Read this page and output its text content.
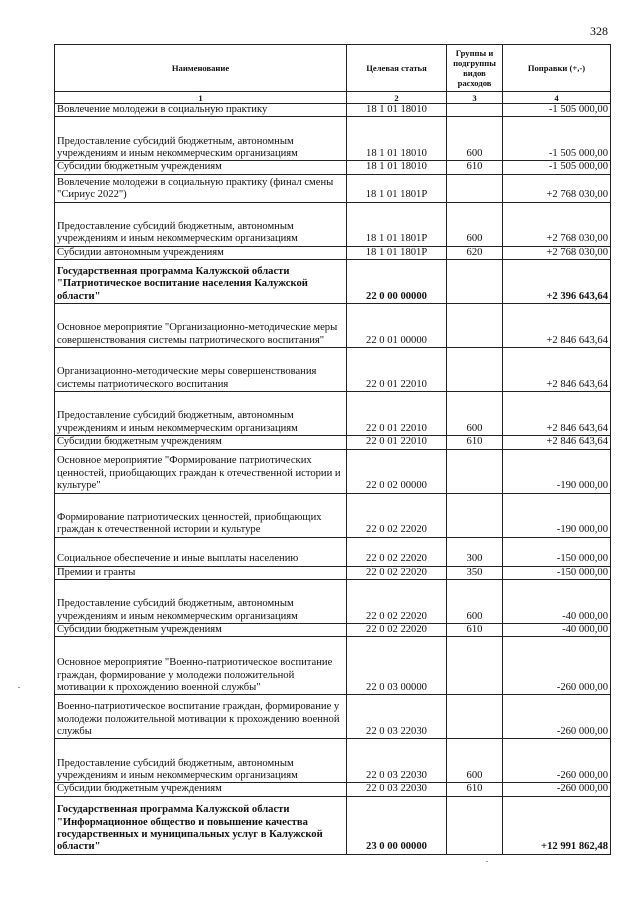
328
Наименование	Целевая статья	Группы и подгруппы видов расходов	Поправки (+,-)
1	2	3	4
Вовлечение молодежи в социальную практику	18 1 01 18010		-1 505 000,00
Предоставление субсидий бюджетным, автономным учреждениям и иным некоммерческим организациям	18 1 01 18010	600	-1 505 000,00
Субсидии бюджетным учреждениям	18 1 01 18010	610	-1 505 000,00
Вовлечение молодежи в социальную практику (финал смены "Сириус 2022")	18 1 01 1801Р		+2 768 030,00
Предоставление субсидий бюджетным, автономным учреждениям и иным некоммерческим организациям	18 1 01 1801Р	600	+2 768 030,00
Субсидии автономным учреждениям	18 1 01 1801Р	620	+2 768 030,00
Государственная программа Калужской области "Патриотическое воспитание населения Калужской области"	22 0 00 00000		+2 396 643,64
Основное мероприятие "Организационно-методические меры совершенствования системы патриотического воспитания"	22 0 01 00000		+2 846 643,64
Организационно-методические меры совершенствования системы патриотического воспитания	22 0 01 22010		+2 846 643,64
Предоставление субсидий бюджетным, автономным учреждениям и иным некоммерческим организациям	22 0 01 22010	600	+2 846 643,64
Субсидии бюджетным учреждениям	22 0 01 22010	610	+2 846 643,64
Основное мероприятие "Формирование патриотических ценностей, приобщающих граждан к отечественной истории и культуре"	22 0 02 00000		-190 000,00
Формирование патриотических ценностей, приобщающих граждан к отечественной истории и культуре	22 0 02 22020		-190 000,00
Социальное обеспечение и иные выплаты населению	22 0 02 22020	300	-150 000,00
Премии и гранты	22 0 02 22020	350	-150 000,00
Предоставление субсидий бюджетным, автономным учреждениям и иным некоммерческим организациям	22 0 02 22020	600	-40 000,00
Субсидии бюджетным учреждениям	22 0 02 22020	610	-40 000,00
Основное мероприятие "Военно-патриотическое воспитание граждан, формирование у молодежи положительной мотивации к прохождению военной службы"	22 0 03 00000		-260 000,00
Военно-патриотическое воспитание граждан, формирование у молодежи положительной мотивации к прохождению военной службы	22 0 03 22030		-260 000,00
Предоставление субсидий бюджетным, автономным учреждениям и иным некоммерческим организациям	22 0 03 22030	600	-260 000,00
Субсидии бюджетным учреждениям	22 0 03 22030	610	-260 000,00
Государственная программа Калужской области "Информационное общество и повышение качества государственных и муниципальных услуг в Калужской области"	23 0 00 00000		+12 991 862,48
